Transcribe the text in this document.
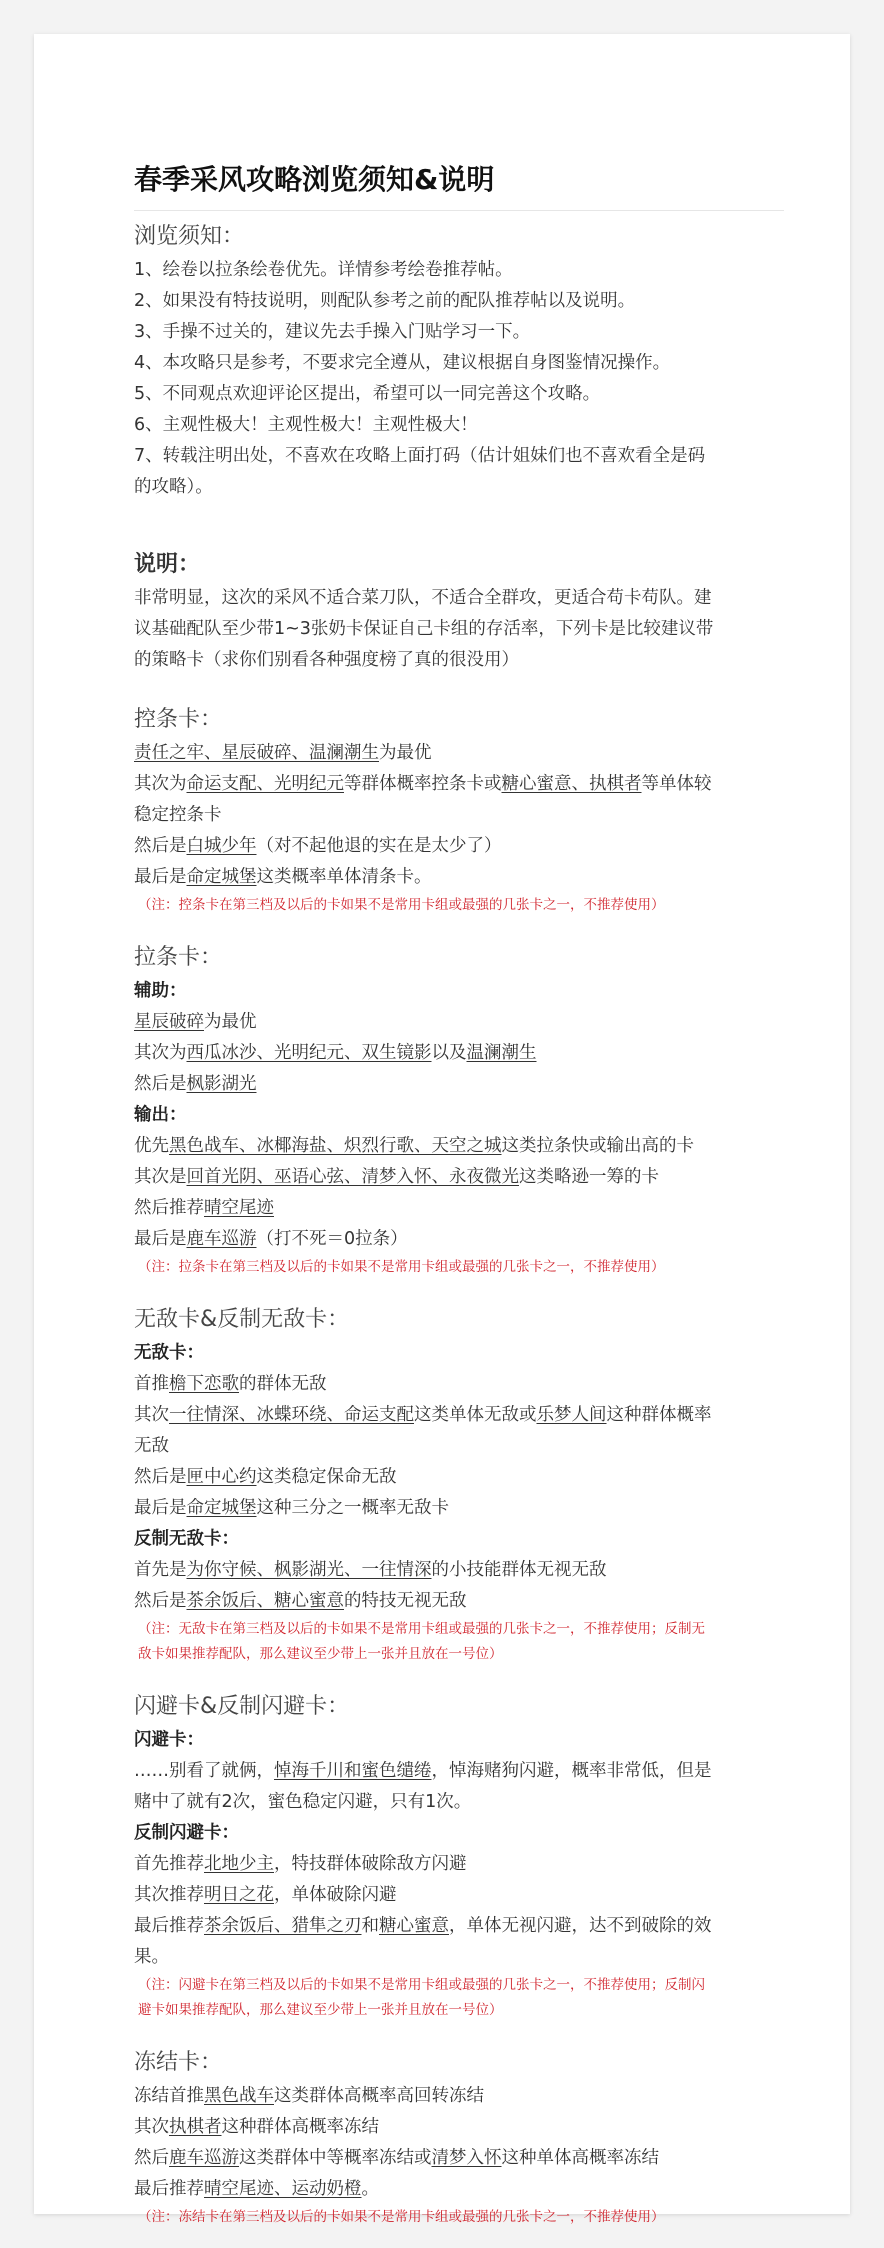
春季采风攻略浏览须知&说明

浏览须知：

1、绘卷以拉条绘卷优先。详情参考绘卷推荐帖。

2、如果没有特技说明，则配队参考之前的配队推荐帖以及说明。

3、手操不过关的，建议先去手操入门贴学习一下。

4、本攻略只是参考，不要求完全遵从，建议根据自身图鉴情况操作。

5、不同观点欢迎评论区提出，希望可以一同完善这个攻略。

6、主观性极大！主观性极大！主观性极大！

7、转载注明出处，不喜欢在攻略上面打码（估计姐妹们也不喜欢看全是码

的攻略）。

说明：

非常明显，这次的采风不适合菜刀队，不适合全群攻，更适合苟卡苟队。建

议基础配队至少带1~3张奶卡保证自己卡组的存活率，下列卡是比较建议带

的策略卡（求你们别看各种强度榜了真的很没用）

控条卡：

责任之牢、星辰破碎、温澜潮生为最优

其次为命运支配、光明纪元等群体概率控条卡或糖心蜜意、执棋者等单体较

稳定控条卡

然后是白城少年（对不起他退的实在是太少了）

最后是命定城堡这类概率单体清条卡。

（注：控条卡在第三档及以后的卡如果不是常用卡组或最强的几张卡之一，不推荐使用）

拉条卡：

辅助：

星辰破碎为最优

其次为西瓜冰沙、光明纪元、双生镜影以及温澜潮生

然后是枫影湖光

输出：

优先黑色战车、冰椰海盐、炽烈行歌、天空之城这类拉条快或输出高的卡

其次是回首光阴、巫语心弦、清梦入怀、永夜微光这类略逊一筹的卡

然后推荐晴空尾迹

最后是鹿车巡游（打不死＝0拉条）

（注：拉条卡在第三档及以后的卡如果不是常用卡组或最强的几张卡之一，不推荐使用）

无敌卡&反制无敌卡：

无敌卡：

首推檐下恋歌的群体无敌

其次一往情深、冰蝶环绕、命运支配这类单体无敌或乐梦人间这种群体概率

无敌

然后是匣中心约这类稳定保命无敌

最后是命定城堡这种三分之一概率无敌卡

反制无敌卡：

首先是为你守候、枫影湖光、一往情深的小技能群体无视无敌

然后是茶余饭后、糖心蜜意的特技无视无敌

（注：无敌卡在第三档及以后的卡如果不是常用卡组或最强的几张卡之一，不推荐使用；反制无

敌卡如果推荐配队，那么建议至少带上一张并且放在一号位）

闪避卡&反制闪避卡：

闪避卡：

……别看了就俩，悼海千川和蜜色缱绻，悼海赌狗闪避，概率非常低，但是

赌中了就有2次，蜜色稳定闪避，只有1次。

反制闪避卡：

首先推荐北地少主，特技群体破除敌方闪避

其次推荐明日之花，单体破除闪避

最后推荐茶余饭后、猎隼之刃和糖心蜜意，单体无视闪避，达不到破除的效

果。

（注：闪避卡在第三档及以后的卡如果不是常用卡组或最强的几张卡之一，不推荐使用；反制闪

避卡如果推荐配队，那么建议至少带上一张并且放在一号位）

冻结卡：

冻结首推黑色战车这类群体高概率高回转冻结

其次执棋者这种群体高概率冻结

然后鹿车巡游这类群体中等概率冻结或清梦入怀这种单体高概率冻结

最后推荐晴空尾迹、运动奶橙。

（注：冻结卡在第三档及以后的卡如果不是常用卡组或最强的几张卡之一，不推荐使用）
